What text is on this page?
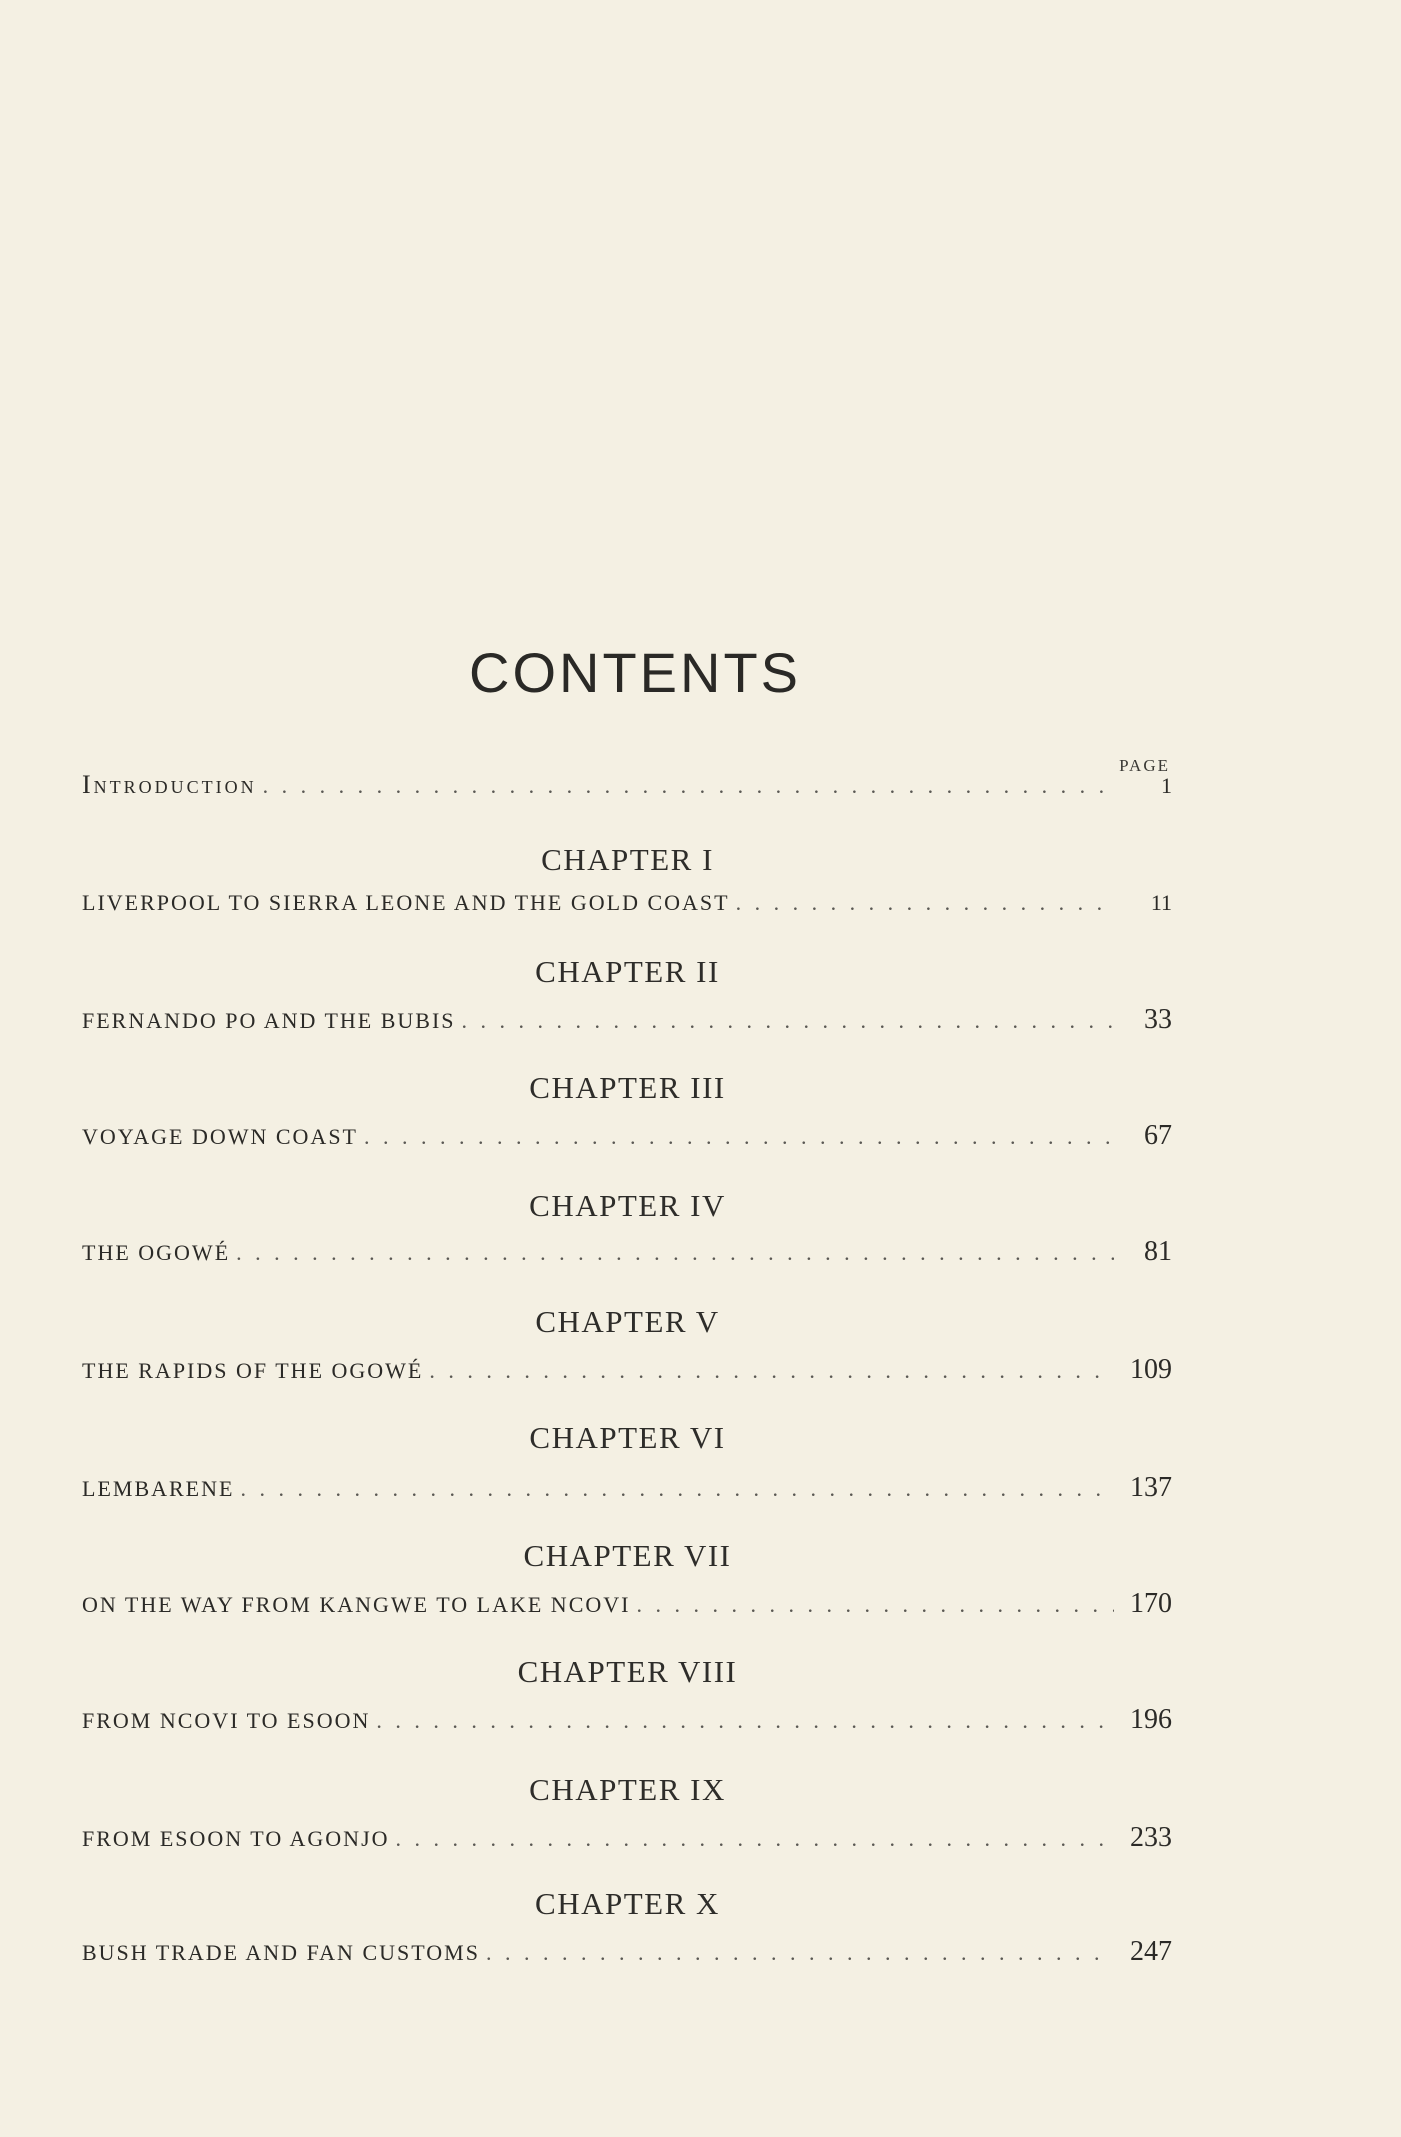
CONTENTS
PAGE
Introduction . . .	1
CHAPTER I
LIVERPOOL TO SIERRA LEONE AND THE GOLD COAST . . .	11
CHAPTER II
FERNANDO PO AND THE BUBIS . . .	33
CHAPTER III
VOYAGE DOWN COAST . . .	67
CHAPTER IV
THE OGOWÉ . . .	81
CHAPTER V
THE RAPIDS OF THE OGOWÉ . . .	109
CHAPTER VI
LEMBARENE . . .	137
CHAPTER VII
ON THE WAY FROM KANGWE TO LAKE NCOVI . . .	170
CHAPTER VIII
FROM NCOVI TO ESOON . . .	196
CHAPTER IX
FROM ESOON TO AGONJO . . .	233
CHAPTER X
BUSH TRADE AND FAN CUSTOMS . . .	247
